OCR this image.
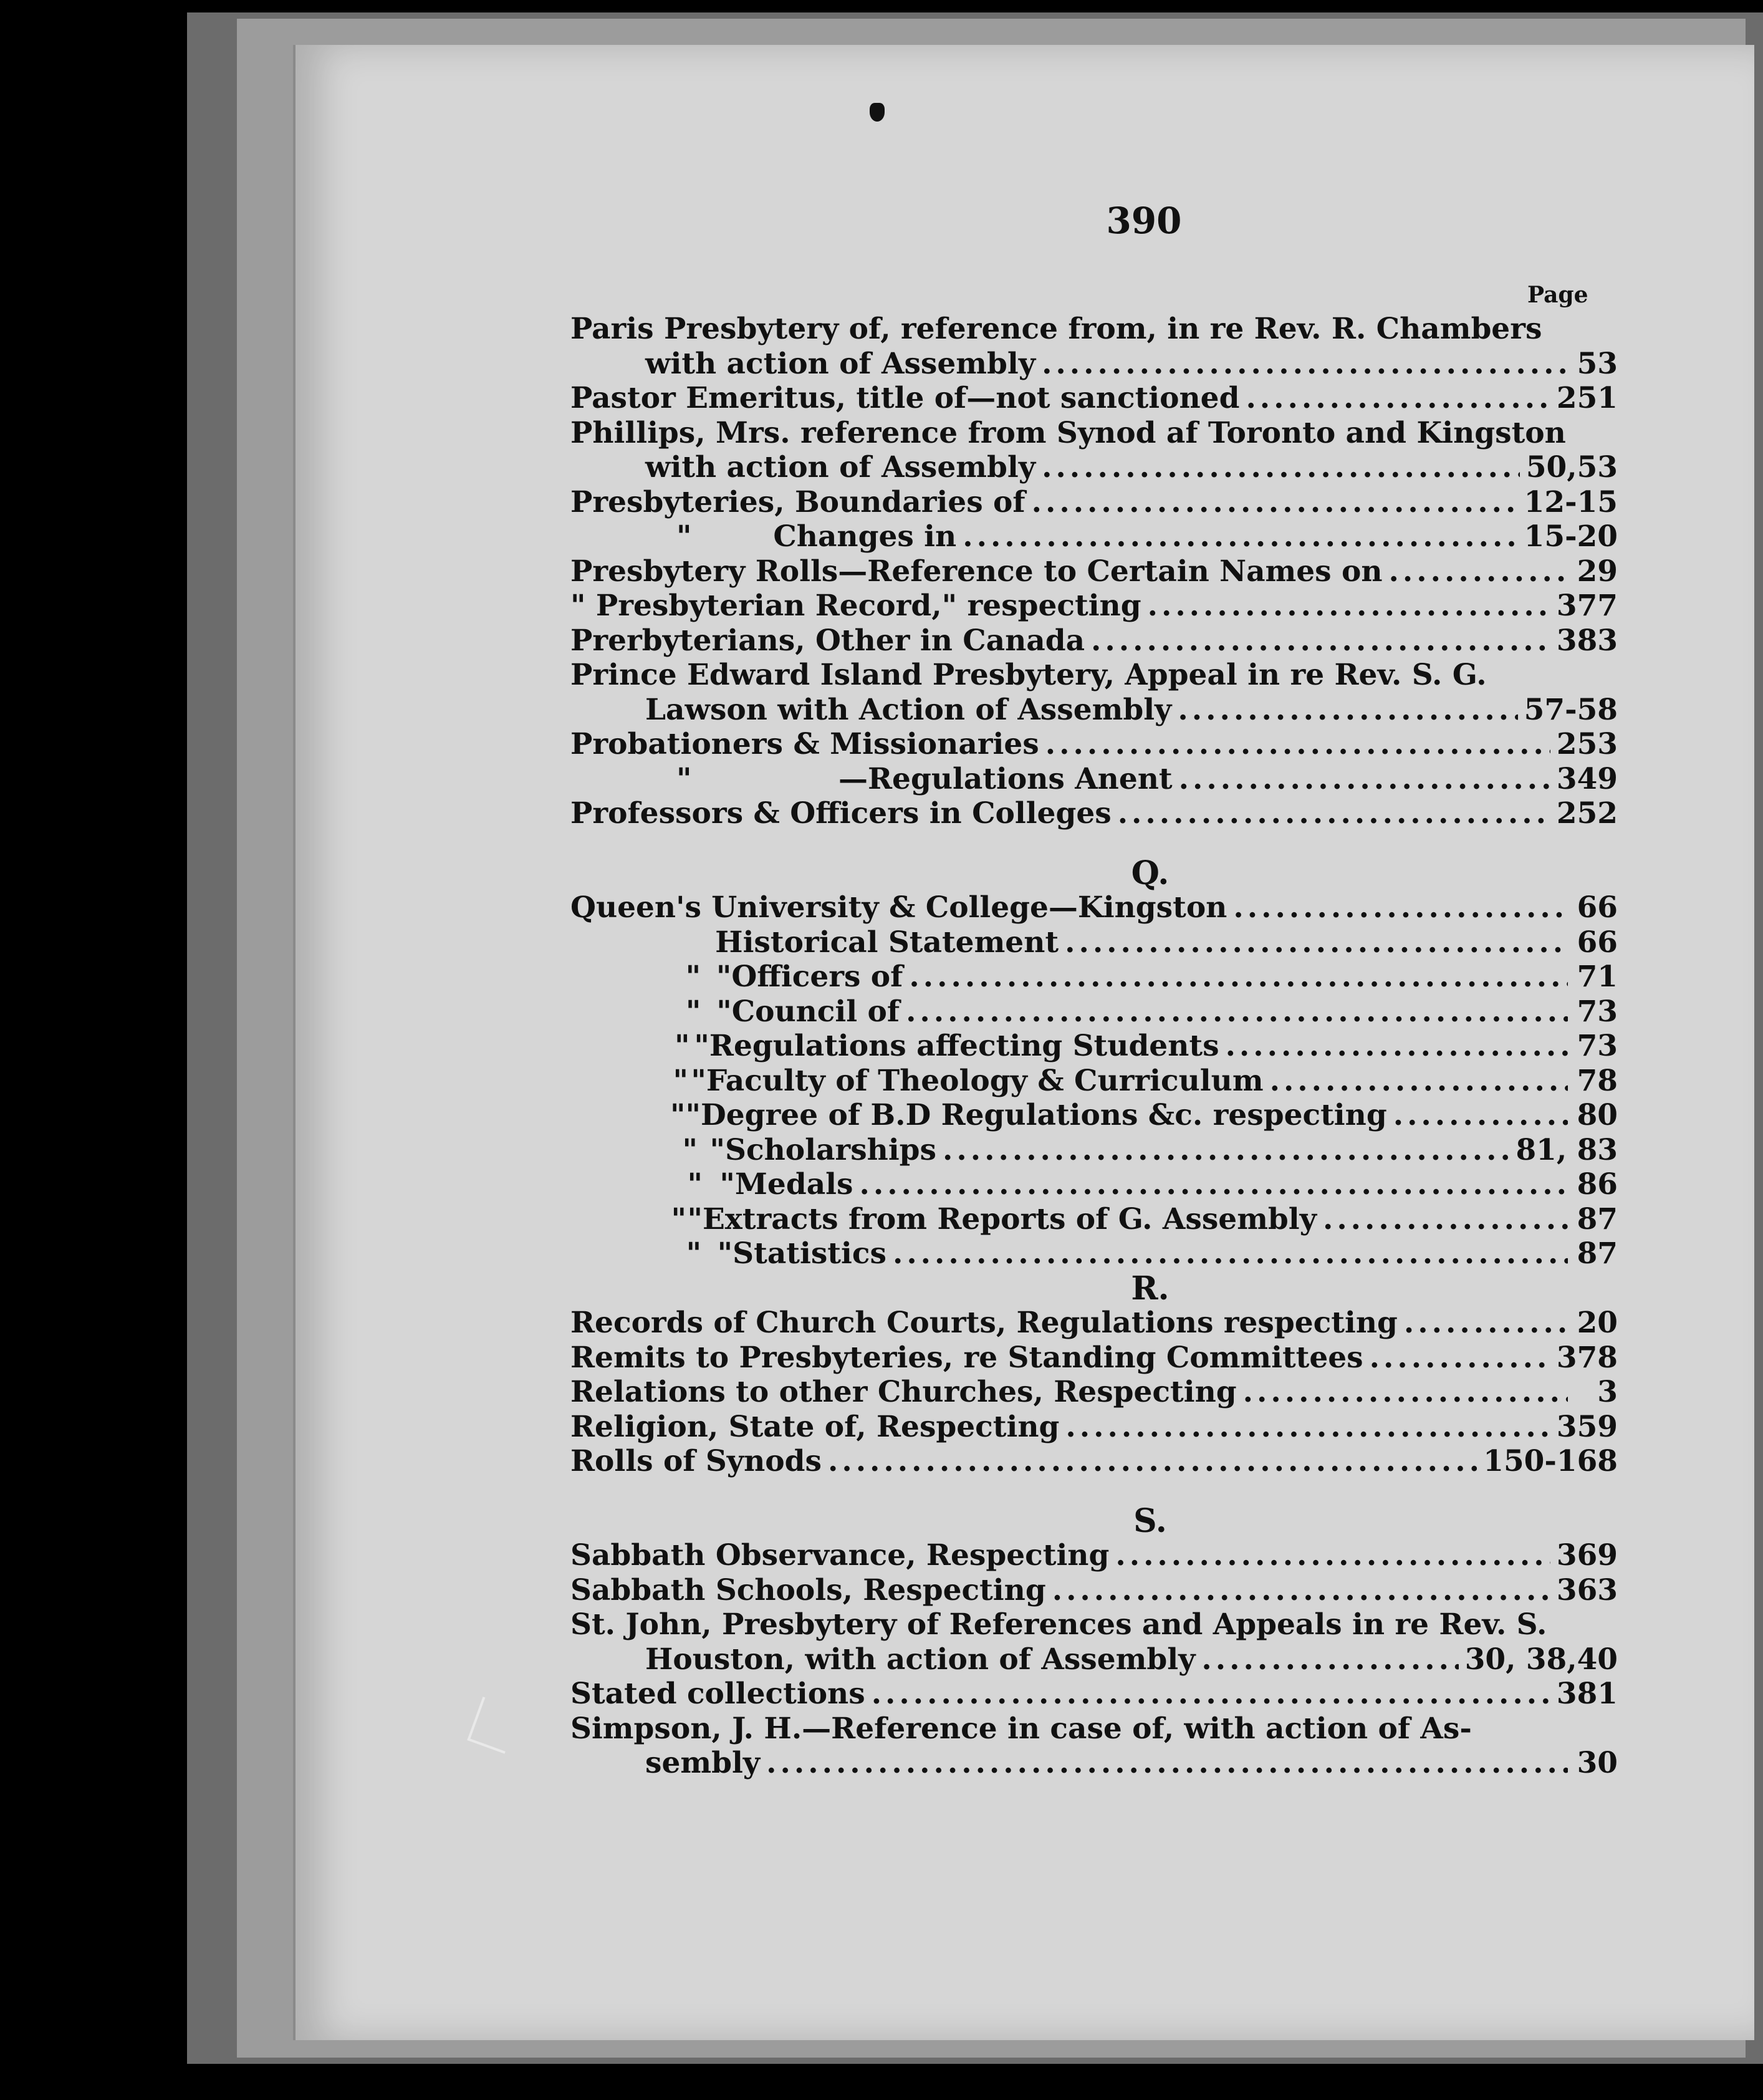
390
Page
Paris Presbytery of, reference from, in re Rev. R. Chambers
with action of Assembly .....	53
Pastor Emeritus, title of—not sanctioned .....	251
Phillips, Mrs. reference from Synod af Toronto and Kingston
with action of Assembly .....	50,53
Presbyteries, Boundaries of .....	12-15
"        Changes in .....	15-20
Presbytery Rolls—Reference to Certain Names on .....	29
" Presbyterian Record," respecting .....	377
Prerbyterians, Other in Canada .....	383
Prince Edward Island Presbytery, Appeal in re Rev. S. G.
Lawson with Action of Assembly .....	57-58
Probationers & Missionaries .....	253
"	—Regulations Anent .....	349
Professors & Officers in Colleges .....	252
Q.
Queen's University & College—Kingston .....	66
Historical Statement .....	66
" " Officers of .....	71
" " Council of .....	73
" " Regulations affecting Students .....	73
" " Faculty of Theology & Curriculum .....	78
" " Degree of B.D Regulations &c. respecting .....	80
" " Scholarships .....	81, 83
" " Medals .....	86
" " Extracts from Reports of G. Assembly .....	87
" " Statistics .....	87
R.
Records of Church Courts, Regulations respecting .....	20
Remits to Presbyteries, re Standing Committees .....	378
Relations to other Churches, Respecting .....	3
Religion, State of, Respecting .....	359
Rolls of Synods .....	150-168
S.
Sabbath Observance, Respecting .....	369
Sabbath Schools, Respecting .....	363
St. John, Presbytery of References and Appeals in re Rev. S.
Houston, with action of Assembly .....	30, 38,40
Stated collections .....	381
Simpson, J. H.—Reference in case of, with action of As-
sembly .....	30
